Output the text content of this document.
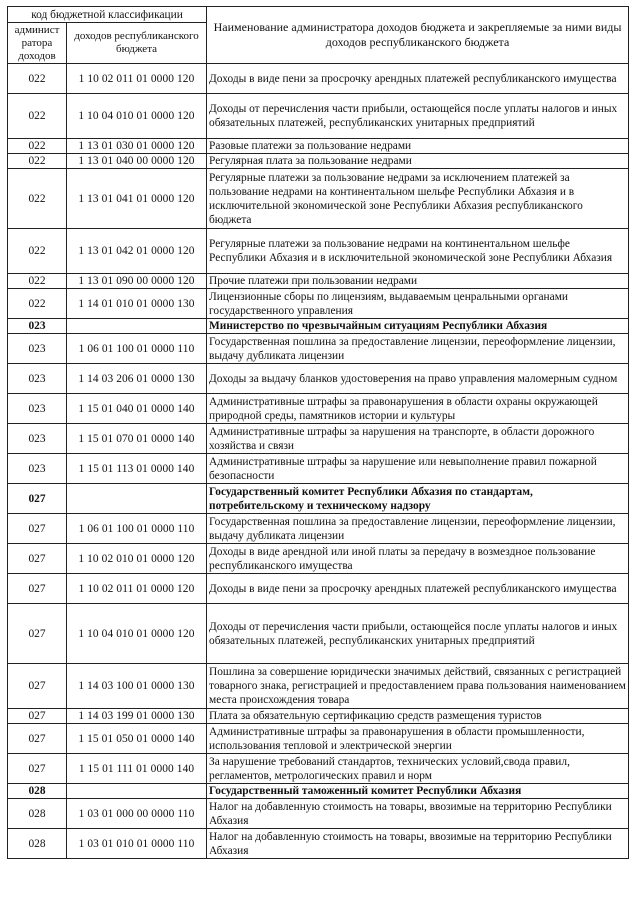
код бюджетной классификации		Наименование администратора доходов бюджета и закрепляемые за ними виды доходов республиканского бюджета
админист ратора доходов	доходов республиканского бюджета	
022	1 10 02 011 01 0000 120	Доходы в виде пени за просрочку арендных платежей республиканского имущества
022	1 10 04 010 01 0000 120	Доходы от перечисления части прибыли, остающейся после уплаты налогов и иных обязательных платежей, республиканских унитарных предприятий
022	1 13 01 030 01 0000 120	Разовые платежи за пользование недрами
022	1 13 01 040 00 0000 120	Регулярная плата за пользование недрами
022	1 13 01 041 01 0000 120	Регулярные платежи за пользование недрами за исключением платежей за пользование недрами на континентальном шельфе Республики Абхазия и в исключительной экономической зоне Республики Абхазия республиканского бюджета
022	1 13 01 042 01 0000 120	Регулярные платежи за пользование недрами на континентальном шельфе Республики Абхазия и в исключительной экономической зоне Республики Абхазия
022	1 13 01 090 00 0000 120	Прочие платежи при пользовании недрами
022	1 14 01 010 01 0000 130	Лицензионные сборы по лицензиям, выдаваемым ценральными органами государственного управления
023		Министерство по чрезвычайным ситуациям Республики Абхазия
023	1 06 01 100 01 0000 110	Государственная пошлина за предоставление лицензии, переоформление лицензии, выдачу дубликата лицензии
023	1 14 03 206 01 0000 130	Доходы за выдачу бланков удостоверения на право управления маломерным судном
023	1 15 01 040 01 0000 140	Административные штрафы за правонарушения в области охраны окружающей природной среды, памятников истории и культуры
023	1 15 01 070 01 0000 140	Административные штрафы за нарушения на транспорте, в области дорожного хозяйства и связи
023	1 15 01 113 01 0000 140	Административные штрафы за нарушение или невыполнение правил пожарной безопасности
027		Государственный комитет Республики Абхазия по стандартам, потребительскому и техническому надзору
027	1 06 01 100 01 0000 110	Государственная пошлина за предоставление лицензии, переоформление лицензии, выдачу дубликата лицензии
027	1 10 02 010 01 0000 120	Доходы в виде арендной или иной платы за передачу в возмездное пользование республиканского имущества
027	1 10 02 011 01 0000 120	Доходы в виде пени за просрочку арендных платежей республиканского имущества
027	1 10 04 010 01 0000 120	Доходы от перечисления части прибыли, остающейся после уплаты налогов и иных обязательных платежей, республиканских унитарных предприятий
027	1 14 03 100 01 0000 130	Пошлина за совершение юридически значимых действий, связанных с регистрацией товарного знака, регистрацией и предоставлением права пользования наименованием места происхождения товара
027	1 14 03 199 01 0000 130	Плата за обязательную сертификацию средств размещения туристов
027	1 15 01 050 01 0000 140	Административные штрафы за правонарушения в области промышленности, использования тепловой и электрической энергии
027	1 15 01 111 01 0000 140	За нарушение требований стандартов, технических условий,свода правил, регламентов, метрологических правил и норм
028		Государственный таможенный комитет Республики Абхазия
028	1 03 01 000 00 0000 110	Налог на добавленную стоимость на товары, ввозимые на территорию Республики Абхазия
028	1 03 01 010 01 0000 110	Налог на добавленную стоимость на товары, ввозимые на территорию Республики Абхазия
